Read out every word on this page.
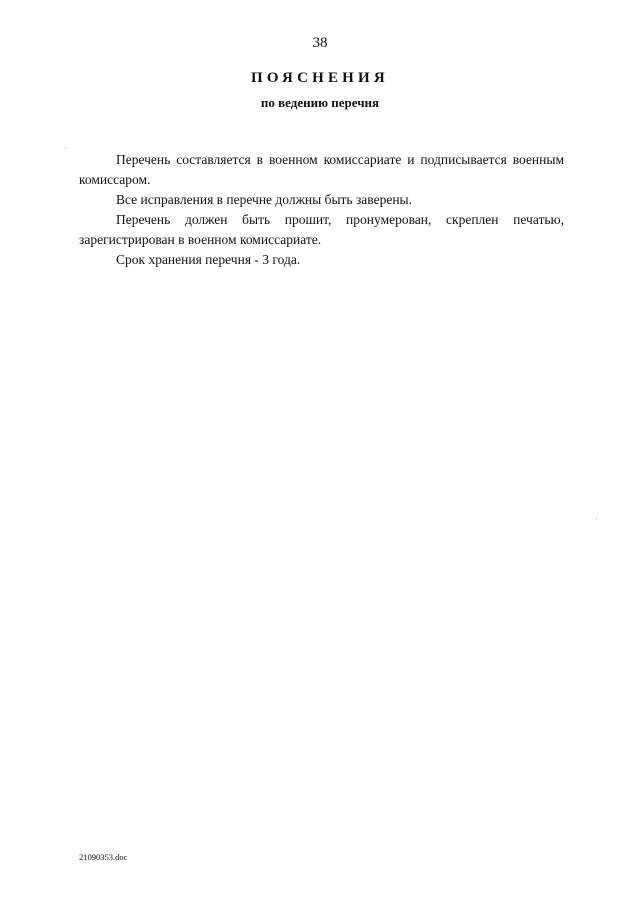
38
ПОЯСНЕНИЯ
по ведению перечня

Перечень составляется в военном комиссариате и подписывается военным комиссаром.

Все исправления в перечне должны быть заверены.

Перечень должен быть прошит, пронумерован, скреплен печатью, зарегистрирован в военном комиссариате.

Срок хранения перечня - 3 года.

21090353.doc
